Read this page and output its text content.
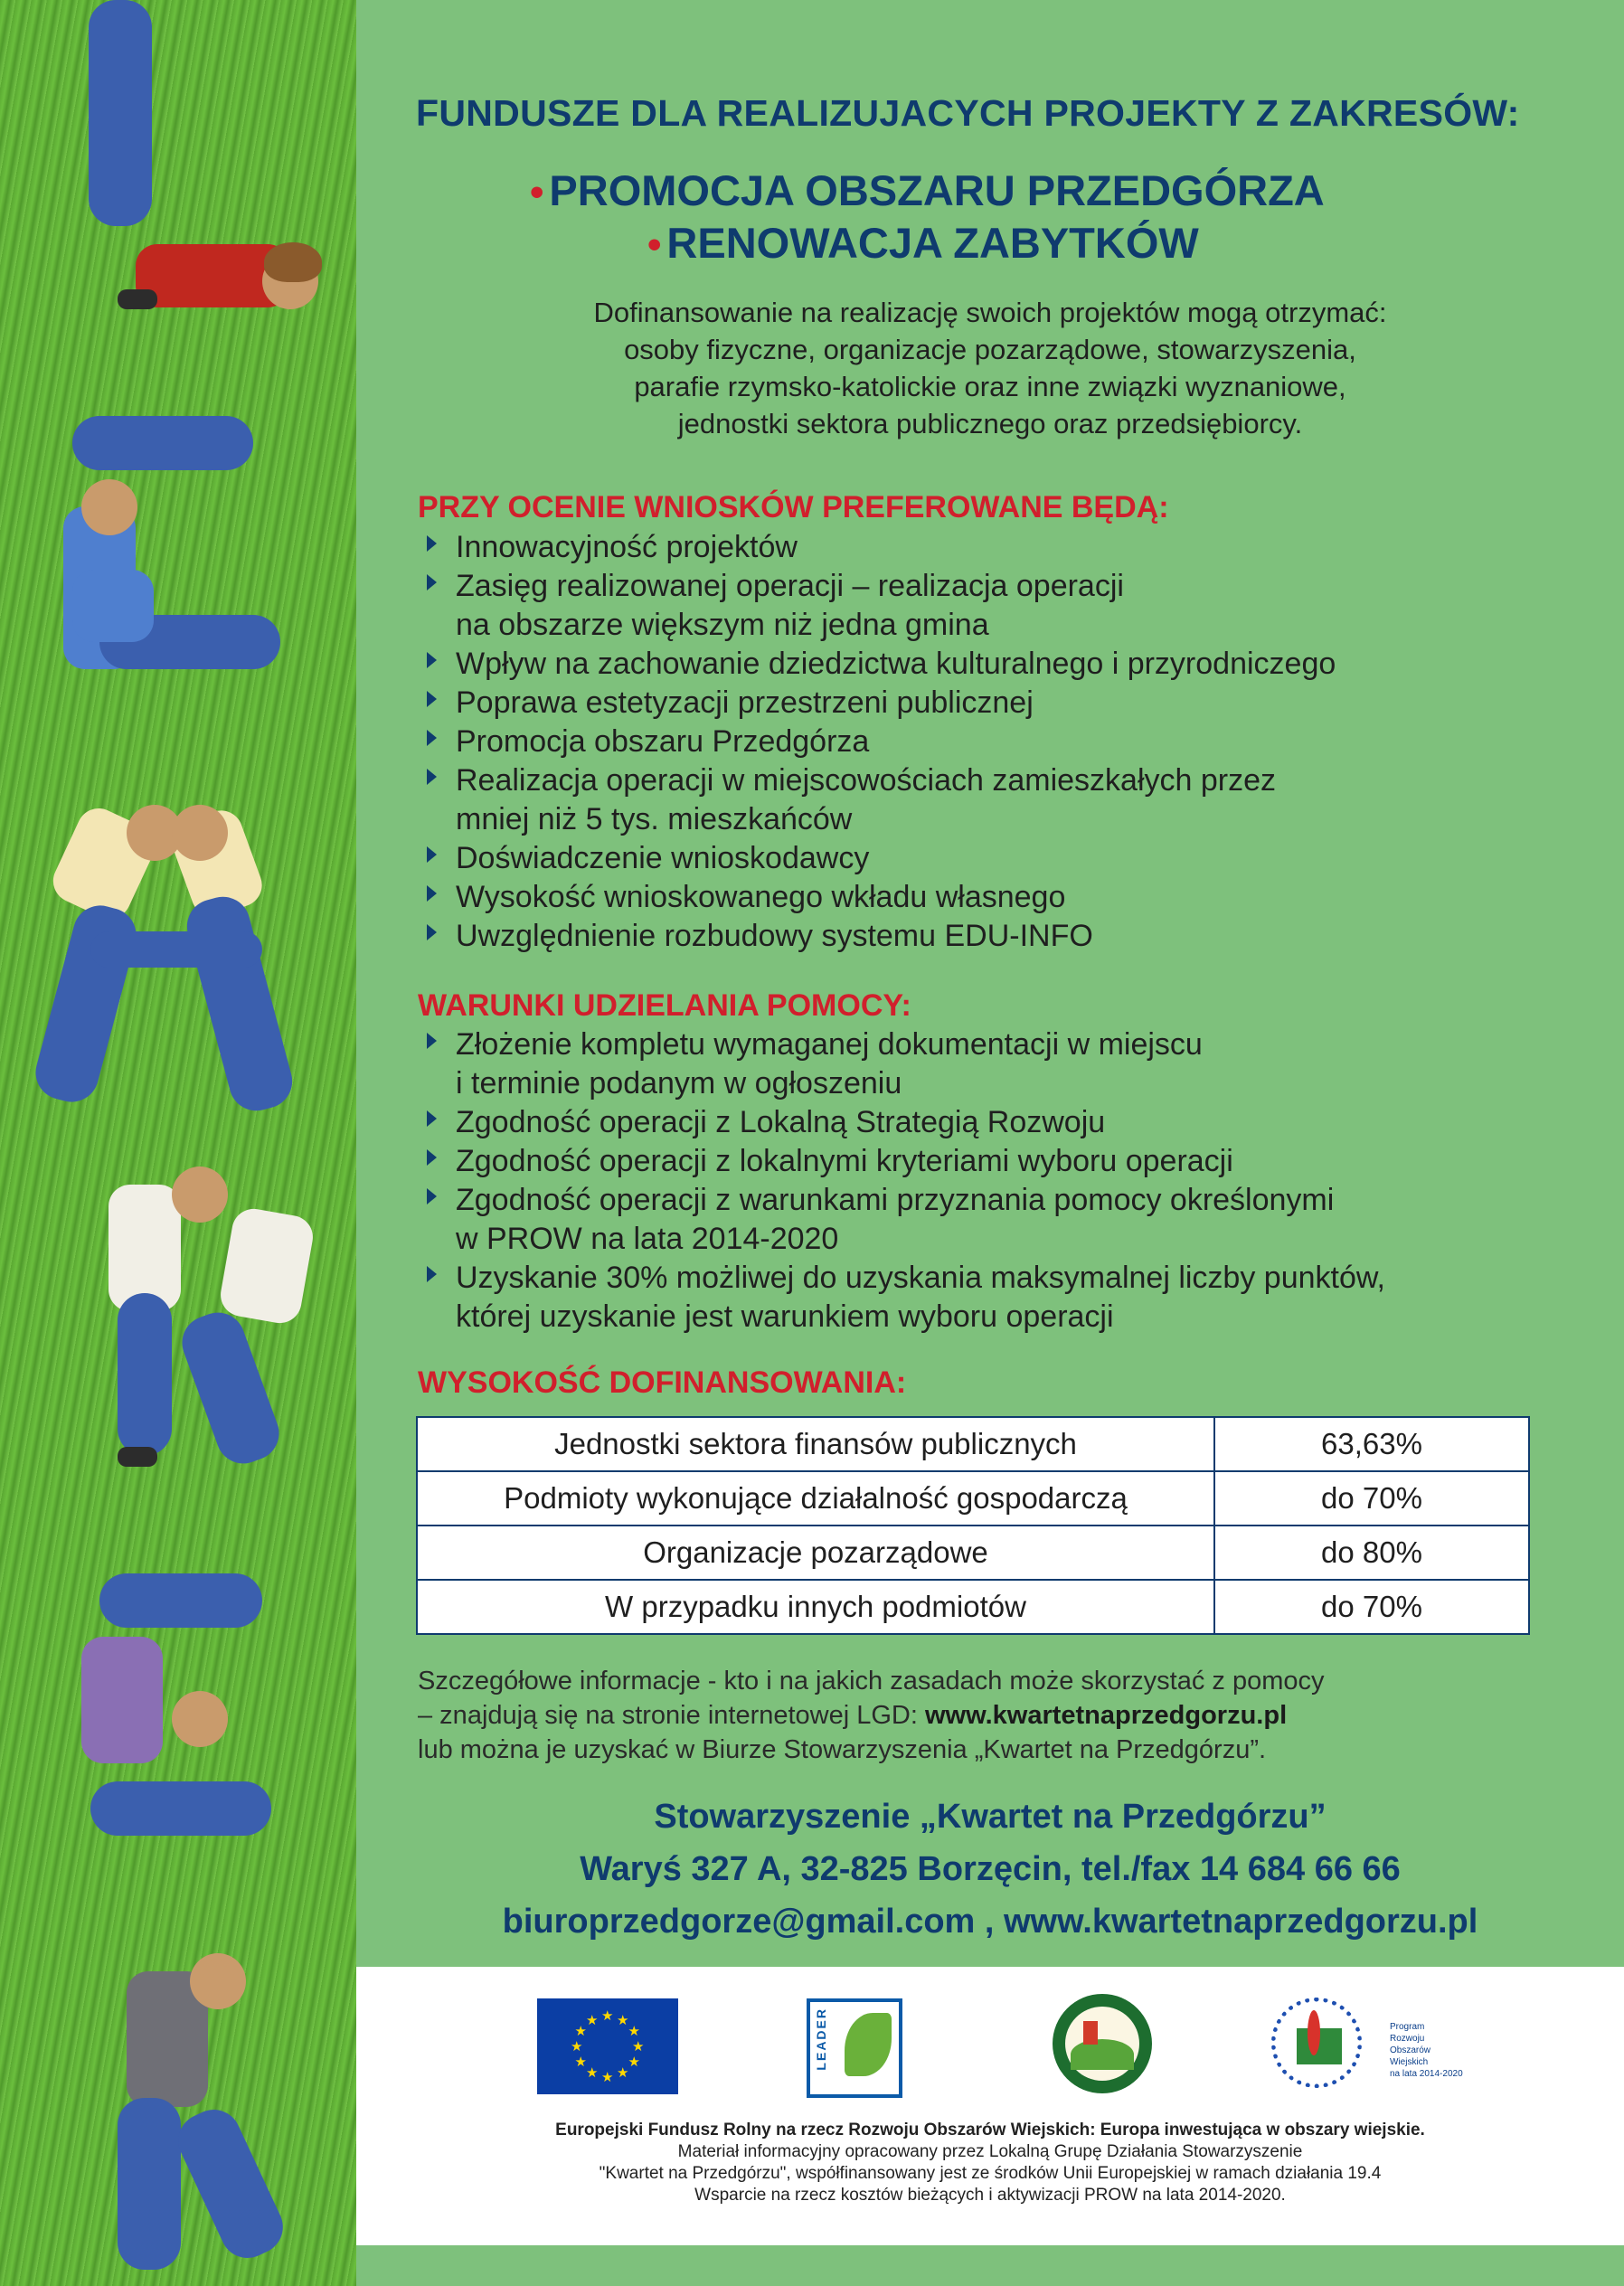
FUNDUSZE DLA REALIZUJACYCH PROJEKTY Z ZAKRESÓW:
• PROMOCJA OBSZARU PRZEDGÓRZA
• RENOWACJA ZABYTKÓW
Dofinansowanie na realizację swoich projektów mogą otrzymać:
osoby fizyczne, organizacje pozarządowe, stowarzyszenia,
parafie rzymsko-katolickie oraz inne związki wyznaniowe,
jednostki sektora publicznego oraz przedsiębiorcy.
PRZY OCENIE WNIOSKÓW PREFEROWANE BĘDĄ:
Innowacyjność projektów
Zasięg realizowanej operacji – realizacja operacji
na obszarze większym niż jedna gmina
Wpływ na zachowanie dziedzictwa kulturalnego i przyrodniczego
Poprawa estetyzacji przestrzeni publicznej
Promocja obszaru Przedgórza
Realizacja operacji w miejscowościach zamieszkałych przez
mniej niż 5 tys. mieszkańców
Doświadczenie wnioskodawcy
Wysokość wnioskowanego wkładu własnego
Uwzględnienie rozbudowy systemu EDU-INFO
WARUNKI UDZIELANIA POMOCY:
Złożenie kompletu wymaganej dokumentacji w miejscu
i terminie podanym w ogłoszeniu
Zgodność operacji z Lokalną Strategią Rozwoju
Zgodność operacji z lokalnymi kryteriami wyboru operacji
Zgodność operacji z warunkami przyznania pomocy określonymi
w PROW na lata 2014-2020
Uzyskanie 30% możliwej do uzyskania maksymalnej liczby punktów,
której uzyskanie jest warunkiem wyboru operacji
WYSOKOŚĆ DOFINANSOWANIA:
Jednostki sektora finansów publicznych	63,63%
Podmioty wykonujące działalność gospodarczą	do 70%
Organizacje pozarządowe	do 80%
W przypadku innych podmiotów	do 70%
Szczegółowe informacje - kto i na jakich zasadach może skorzystać z pomocy
– znajdują się na stronie internetowej LGD: www.kwartetnaprzedgorzu.pl
lub można je uzyskać w Biurze Stowarzyszenia „Kwartet na Przedgórzu”.
Stowarzyszenie „Kwartet na Przedgórzu”
Waryś 327 A, 32-825 Borzęcin, tel./fax 14 684 66 66
biuroprzedgorze@gmail.com , www.kwartetnaprzedgorzu.pl
★ ★
★
★
★
★
★
★
★
★
★
★	LEADER	Program
Rozwoju
Obszarów
Wiejskich
na lata 2014-2020
Europejski Fundusz Rolny na rzecz Rozwoju Obszarów Wiejskich: Europa inwestująca w obszary wiejskie.
Materiał informacyjny opracowany przez Lokalną Grupę Działania Stowarzyszenie
"Kwartet na Przedgórzu", współfinansowany jest ze środków Unii Europejskiej w ramach działania 19.4
Wsparcie na rzecz kosztów bieżących i aktywizacji PROW na lata 2014-2020.
